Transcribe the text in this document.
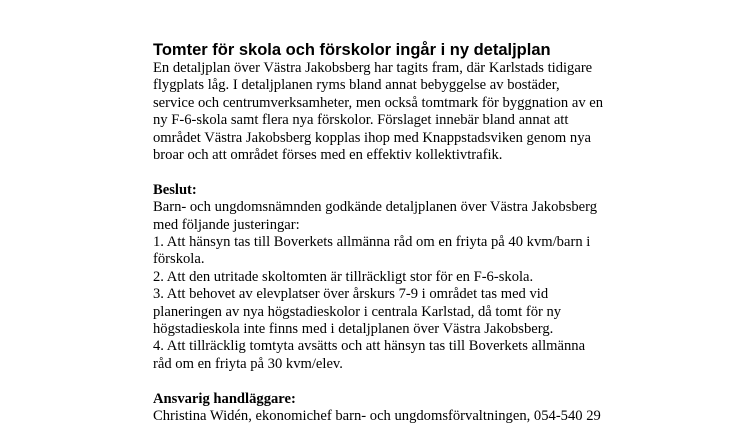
Tomter för skola och förskolor ingår i ny detaljplan

En detaljplan över Västra Jakobsberg har tagits fram, där Karlstads tidigare
flygplats låg. I detaljplanen ryms bland annat bebyggelse av bostäder,
service och centrumverksamheter, men också tomtmark för byggnation av en
ny F-6-skola samt flera nya förskolor. Förslaget innebär bland annat att
området Västra Jakobsberg kopplas ihop med Knappstadsviken genom nya
broar och att området förses med en effektiv kollektivtrafik.

Beslut:

Barn- och ungdomsnämnden godkände detaljplanen över Västra Jakobsberg
med följande justeringar:
1. Att hänsyn tas till Boverkets allmänna råd om en friyta på 40 kvm/barn i
förskola.
2. Att den utritade skoltomten är tillräckligt stor för en F-6-skola.
3. Att behovet av elevplatser över årskurs 7-9 i området tas med vid
planeringen av nya högstadieskolor i centrala Karlstad, då tomt för ny
högstadieskola inte finns med i detaljplanen över Västra Jakobsberg.
4. Att tillräcklig tomtyta avsätts och att hänsyn tas till Boverkets allmänna
råd om en friyta på 30 kvm/elev.

Ansvarig handläggare:

Christina Widén, ekonomichef barn- och ungdomsförvaltningen, 054-540 29
